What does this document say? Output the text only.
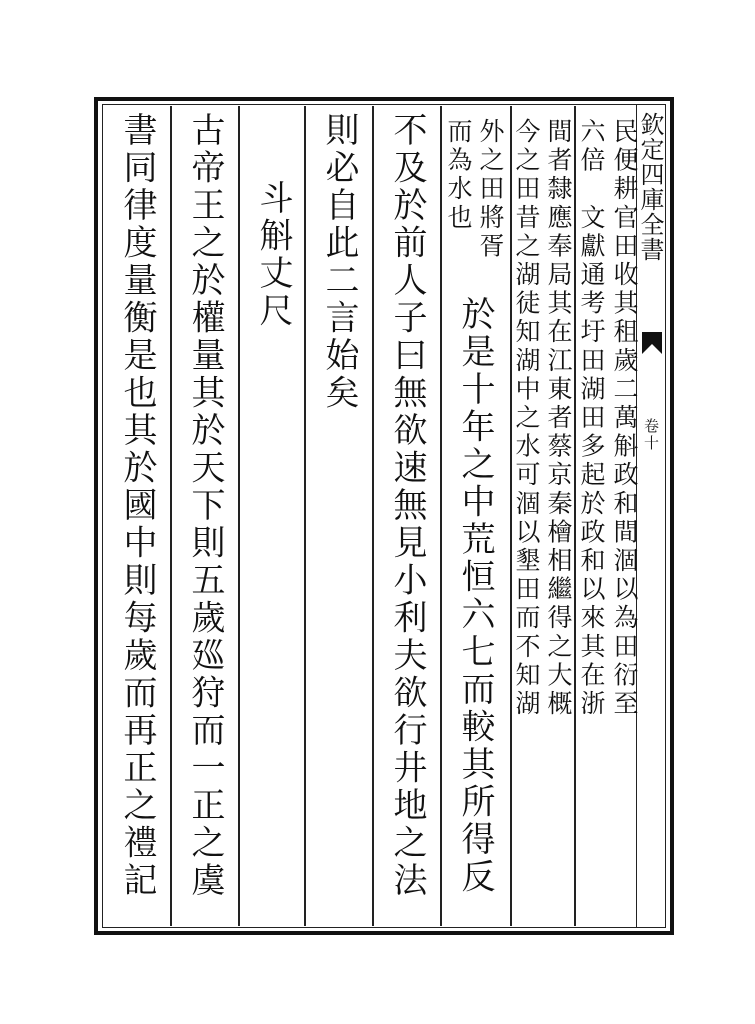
欽定四庫全書
卷十
民便耕官田收其租歲二萬斛政和間涸以為田衍至
六倍　文獻通考圩田湖田多起於政和以來其在浙
間者隸應奉局其在江東者蔡京秦檜相繼得之大概
今之田昔之湖徒知湖中之水可涸以墾田而不知湖
外之田將胥
而為水也
於是十年之中荒恒六七而較其所得反
不及於前人子曰無欲速無見小利夫欲行井地之法
則必自此二言始矣
斗斛丈尺
古帝王之於權量其於天下則五歲廵狩而一正之虞
書同律度量衡是也其於國中則每歲而再正之禮記
